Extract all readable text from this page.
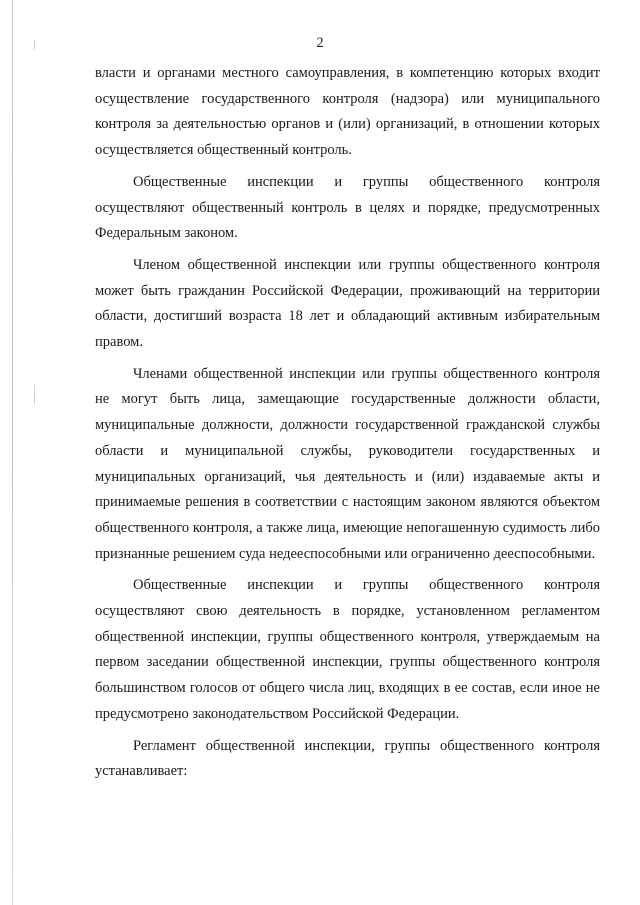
2

власти и органами местного самоуправления, в компетенцию которых входит осуществление государственного контроля (надзора) или муниципального контроля за деятельностью органов и (или) организаций, в отношении которых осуществляется общественный контроль.

Общественные инспекции и группы общественного контроля осуществляют общественный контроль в целях и порядке, предусмотренных Федеральным законом.

Членом общественной инспекции или группы общественного контроля может быть гражданин Российской Федерации, проживающий на территории области, достигший возраста 18 лет и обладающий активным избирательным правом.

Членами общественной инспекции или группы общественного контроля не могут быть лица, замещающие государственные должности области, муниципальные должности, должности государственной гражданской службы области и муниципальной службы, руководители государственных и муниципальных организаций, чья деятельность и (или) издаваемые акты и принимаемые решения в соответствии с настоящим законом являются объектом общественного контроля, а также лица, имеющие непогашенную судимость либо признанные решением суда недееспособными или ограниченно дееспособными.

Общественные инспекции и группы общественного контроля осуществляют свою деятельность в порядке, установленном регламентом общественной инспекции, группы общественного контроля, утверждаемым на первом заседании общественной инспекции, группы общественного контроля большинством голосов от общего числа лиц, входящих в ее состав, если иное не предусмотрено законодательством Российской Федерации.

Регламент общественной инспекции, группы общественного контроля устанавливает:
